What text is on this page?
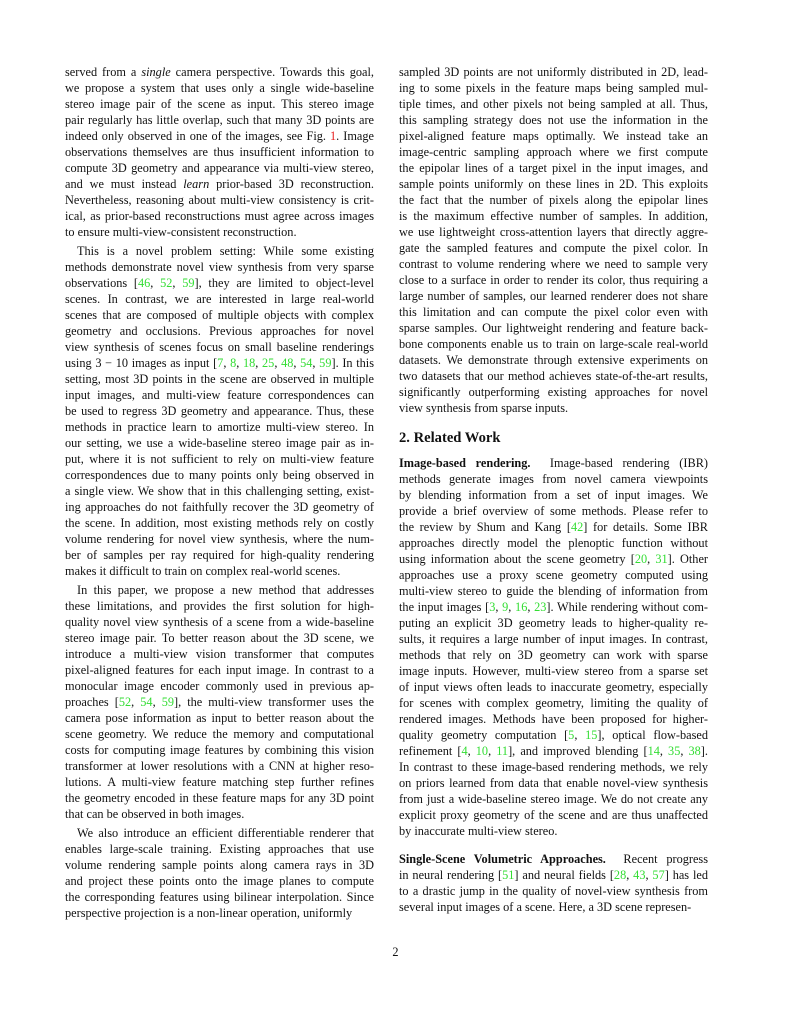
served from a single camera perspective. Towards this goal,
we propose a system that uses only a single wide-baseline
stereo image pair of the scene as input. This stereo image
pair regularly has little overlap, such that many 3D points are
indeed only observed in one of the images, see Fig. 1. Image
observations themselves are thus insufficient information to
compute 3D geometry and appearance via multi-view stereo,
and we must instead learn prior-based 3D reconstruction.
Nevertheless, reasoning about multi-view consistency is crit-
ical, as prior-based reconstructions must agree across images
to ensure multi-view-consistent reconstruction.
This is a novel problem setting: While some existing
methods demonstrate novel view synthesis from very sparse
observations [46, 52, 59], they are limited to object-level
scenes. In contrast, we are interested in large real-world
scenes that are composed of multiple objects with complex
geometry and occlusions. Previous approaches for novel
view synthesis of scenes focus on small baseline renderings
using 3 − 10 images as input [7, 8, 18, 25, 48, 54, 59]. In this
setting, most 3D points in the scene are observed in multiple
input images, and multi-view feature correspondences can
be used to regress 3D geometry and appearance. Thus, these
methods in practice learn to amortize multi-view stereo. In
our setting, we use a wide-baseline stereo image pair as in-
put, where it is not sufficient to rely on multi-view feature
correspondences due to many points only being observed in
a single view. We show that in this challenging setting, exist-
ing approaches do not faithfully recover the 3D geometry of
the scene. In addition, most existing methods rely on costly
volume rendering for novel view synthesis, where the num-
ber of samples per ray required for high-quality rendering
makes it difficult to train on complex real-world scenes.
In this paper, we propose a new method that addresses
these limitations, and provides the first solution for high-
quality novel view synthesis of a scene from a wide-baseline
stereo image pair. To better reason about the 3D scene, we
introduce a multi-view vision transformer that computes
pixel-aligned features for each input image. In contrast to a
monocular image encoder commonly used in previous ap-
proaches [52, 54, 59], the multi-view transformer uses the
camera pose information as input to better reason about the
scene geometry. We reduce the memory and computational
costs for computing image features by combining this vision
transformer at lower resolutions with a CNN at higher reso-
lutions. A multi-view feature matching step further refines
the geometry encoded in these feature maps for any 3D point
that can be observed in both images.
We also introduce an efficient differentiable renderer that
enables large-scale training. Existing approaches that use
volume rendering sample points along camera rays in 3D
and project these points onto the image planes to compute
the corresponding features using bilinear interpolation. Since
perspective projection is a non-linear operation, uniformly
sampled 3D points are not uniformly distributed in 2D, lead-
ing to some pixels in the feature maps being sampled mul-
tiple times, and other pixels not being sampled at all. Thus,
this sampling strategy does not use the information in the
pixel-aligned feature maps optimally. We instead take an
image-centric sampling approach where we first compute
the epipolar lines of a target pixel in the input images, and
sample points uniformly on these lines in 2D. This exploits
the fact that the number of pixels along the epipolar lines
is the maximum effective number of samples. In addition,
we use lightweight cross-attention layers that directly aggre-
gate the sampled features and compute the pixel color. In
contrast to volume rendering where we need to sample very
close to a surface in order to render its color, thus requiring a
large number of samples, our learned renderer does not share
this limitation and can compute the pixel color even with
sparse samples. Our lightweight rendering and feature back-
bone components enable us to train on large-scale real-world
datasets. We demonstrate through extensive experiments on
two datasets that our method achieves state-of-the-art results,
significantly outperforming existing approaches for novel
view synthesis from sparse inputs.
2. Related Work
Image-based rendering.  Image-based rendering (IBR)
methods generate images from novel camera viewpoints
by blending information from a set of input images. We
provide a brief overview of some methods. Please refer to
the review by Shum and Kang [42] for details. Some IBR
approaches directly model the plenoptic function without
using information about the scene geometry [20, 31]. Other
approaches use a proxy scene geometry computed using
multi-view stereo to guide the blending of information from
the input images [3, 9, 16, 23]. While rendering without com-
puting an explicit 3D geometry leads to higher-quality re-
sults, it requires a large number of input images. In contrast,
methods that rely on 3D geometry can work with sparse
image inputs. However, multi-view stereo from a sparse set
of input views often leads to inaccurate geometry, especially
for scenes with complex geometry, limiting the quality of
rendered images. Methods have been proposed for higher-
quality geometry computation [5, 15], optical flow-based
refinement [4, 10, 11], and improved blending [14, 35, 38].
In contrast to these image-based rendering methods, we rely
on priors learned from data that enable novel-view synthesis
from just a wide-baseline stereo image. We do not create any
explicit proxy geometry of the scene and are thus unaffected
by inaccurate multi-view stereo.
Single-Scene Volumetric Approaches.  Recent progress
in neural rendering [51] and neural fields [28, 43, 57] has led
to a drastic jump in the quality of novel-view synthesis from
several input images of a scene. Here, a 3D scene represen-
2
